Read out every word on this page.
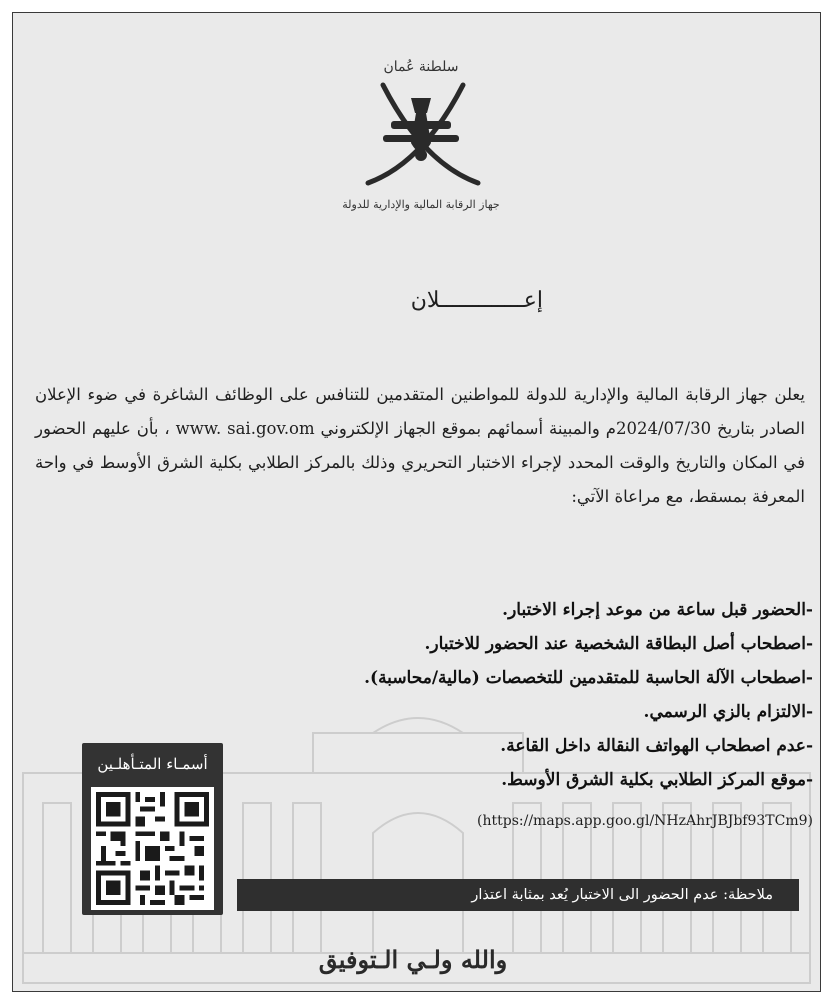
سلطنة عُمان
جهاز الرقابة المالية والإدارية للدولة
إعـــــــــــــلان
يعلن جهاز الرقابة المالية والإدارية للدولة للمواطنين المتقدمين للتنافس على الوظائف الشاغرة في ضوء الإعلان الصادر بتاريخ 2024/07/30م والمبينة أسمائهم بموقع الجهاز الإلكتروني www. sai.gov.om ، بأن عليهم الحضور في المكان والتاريخ والوقت المحدد لإجراء الاختبار التحريري وذلك بالمركز الطلابي بكلية الشرق الأوسط في واحة المعرفة بمسقط، مع مراعاة الآتي:
-الحضور قبل ساعة من موعد إجراء الاختبار.
-اصطحاب أصل البطاقة الشخصية عند الحضور للاختبار.
-اصطحاب الآلة الحاسبة للمتقدمين للتخصصات (مالية/محاسبة).
-الالتزام بالزي الرسمي.
-عدم اصطحاب الهواتف النقالة داخل القاعة.
-موقع المركز الطلابي بكلية الشرق الأوسط.
(https://maps.app.goo.gl/NHzAhrJBJbf93TCm9)
أسمـاء المتـأهلـين
ملاحظة: عدم الحضور الى الاختبار يُعد بمثابة اعتذار
والله ولـي الـتوفيق
